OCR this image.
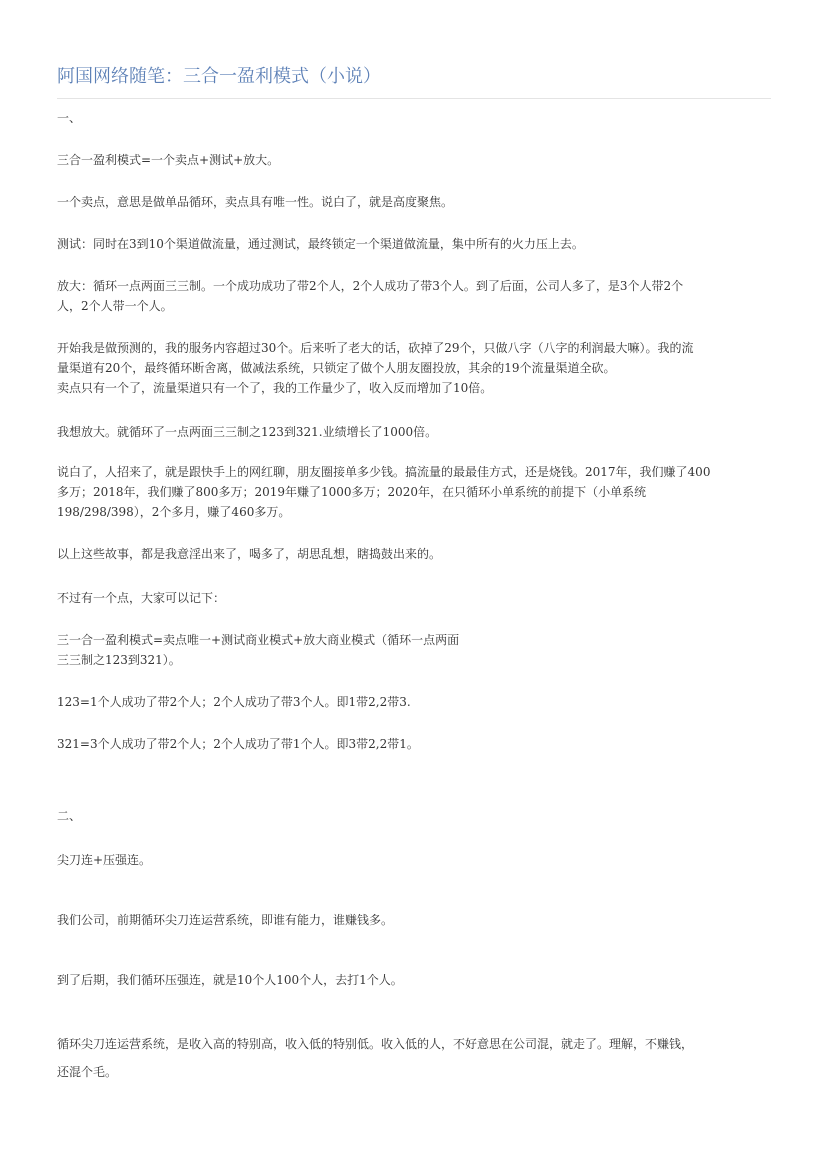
阿国网络随笔：三合一盈利模式（小说）
一、
三合一盈利模式=一个卖点+测试+放大。
一个卖点，意思是做单品循环，卖点具有唯一性。说白了，就是高度聚焦。
测试：同时在3到10个渠道做流量，通过测试，最终锁定一个渠道做流量，集中所有的火力压上去。
放大：循环一点两面三三制。一个成功成功了带2个人，2个人成功了带3个人。到了后面，公司人多了，是3个人带2个
人，2个人带一个人。
开始我是做预测的，我的服务内容超过30个。后来听了老大的话，砍掉了29个，只做八字（八字的利润最大嘛）。我的流
量渠道有20个，最终循环断舍离，做减法系统，只锁定了做个人朋友圈投放，其余的19个流量渠道全砍。
卖点只有一个了，流量渠道只有一个了，我的工作量少了，收入反而增加了10倍。
我想放大。就循环了一点两面三三制之123到321.业绩增长了1000倍。
说白了，人招来了，就是跟快手上的网红聊，朋友圈接单多少钱。搞流量的最最佳方式，还是烧钱。2017年，我们赚了400
多万；2018年，我们赚了800多万；2019年赚了1000多万；2020年，在只循环小单系统的前提下（小单系统
198/298/398），2个多月，赚了460多万。
以上这些故事，都是我意淫出来了，喝多了，胡思乱想，瞎捣鼓出来的。
不过有一个点，大家可以记下：
三一合一盈利模式=卖点唯一+测试商业模式+放大商业模式（循环一点两面
三三制之123到321）。
123=1个人成功了带2个人；2个人成功了带3个人。即1带2,2带3.
321=3个人成功了带2个人；2个人成功了带1个人。即3带2,2带1。
二、
尖刀连+压强连。
我们公司，前期循环尖刀连运营系统，即谁有能力，谁赚钱多。
到了后期，我们循环压强连，就是10个人100个人，去打1个人。
循环尖刀连运营系统，是收入高的特别高，收入低的特别低。收入低的人，不好意思在公司混，就走了。理解，不赚钱，
还混个毛。
